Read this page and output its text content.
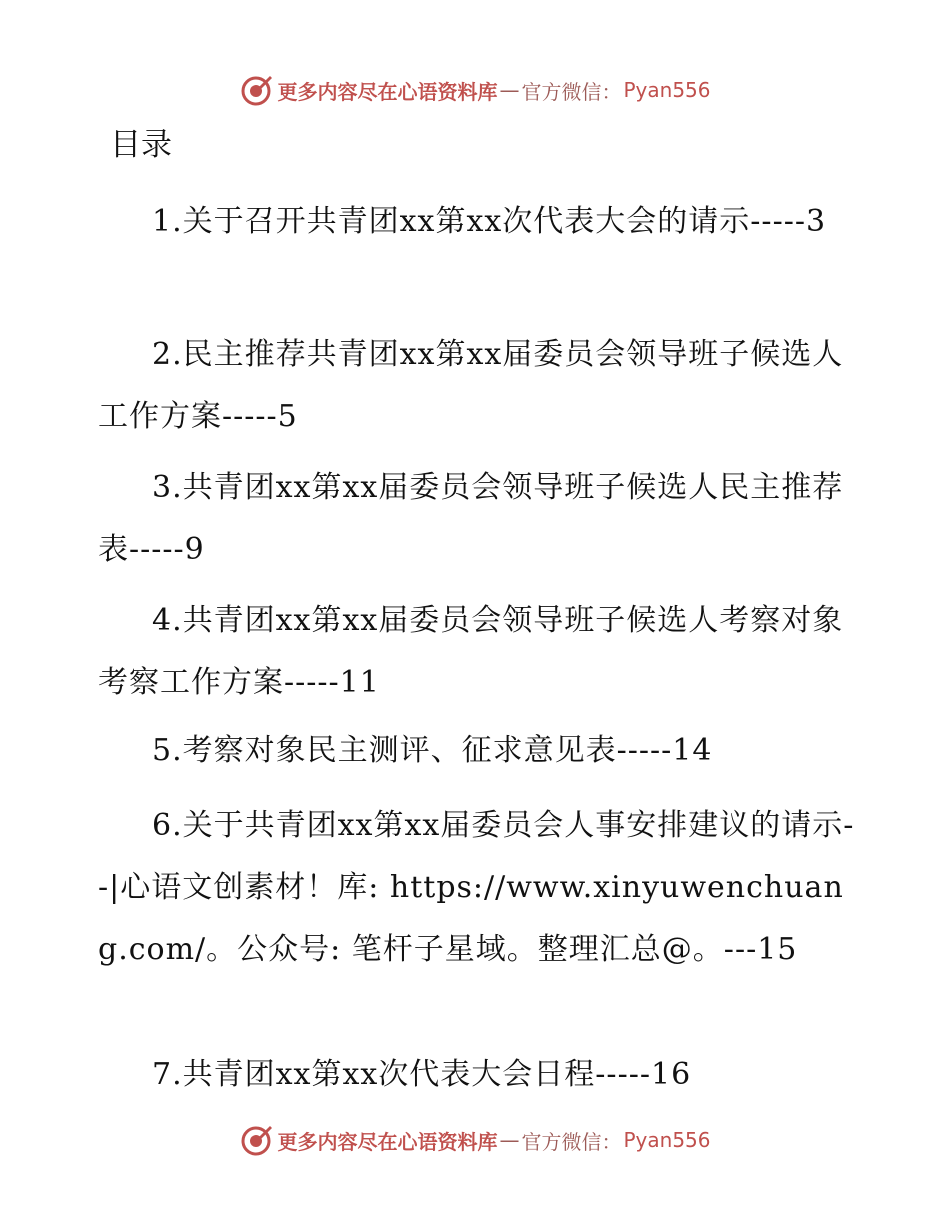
更多内容尽在心语资料库 — 官方微信： Pyan556
目录

1.关于召开共青团xx第xx次代表大会的请示-----3

2.民主推荐共青团xx第xx届委员会领导班子候选人工作方案-----5

3.共青团xx第xx届委员会领导班子候选人民主推荐表-----9

4.共青团xx第xx届委员会领导班子候选人考察对象考察工作方案-----11

5.考察对象民主测评、征求意见表-----14

6.关于共青团xx第xx届委员会人事安排建议的请示--|心语文创素材！库: https://www.xinyuwenchuang.com/。公众号: 笔杆子星域。整理汇总@。---15

7.共青团xx第xx次代表大会日程-----16

更多内容尽在心语资料库 — 官方微信： Pyan556
